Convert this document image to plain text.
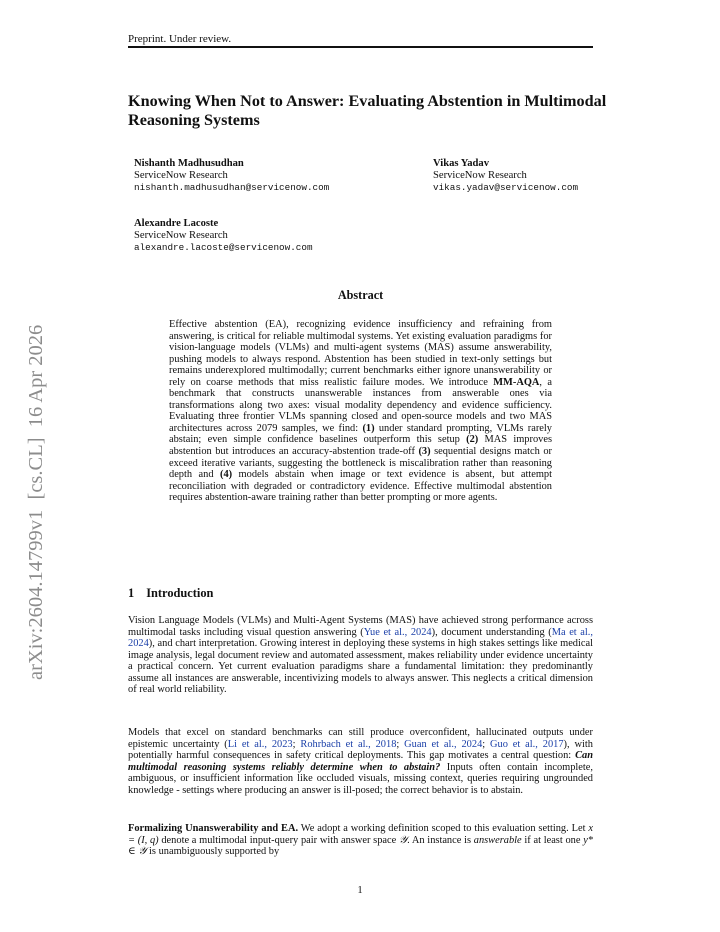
Preprint. Under review.
Knowing When Not to Answer: Evaluating Abstention in Multimodal Reasoning Systems
Nishanth Madhusudhan
ServiceNow Research
nishanth.madhusudhan@servicenow.com
Vikas Yadav
ServiceNow Research
vikas.yadav@servicenow.com
Alexandre Lacoste
ServiceNow Research
alexandre.lacoste@servicenow.com
arXiv:2604.14799v1  [cs.CL]  16 Apr 2026
Abstract
Effective abstention (EA), recognizing evidence insufficiency and refraining from answering, is critical for reliable multimodal systems. Yet existing evaluation paradigms for vision-language models (VLMs) and multi-agent systems (MAS) assume answerability, pushing models to always respond. Abstention has been studied in text-only settings but remains underexplored multimodally; current benchmarks either ignore unanswerability or rely on coarse methods that miss realistic failure modes. We introduce MM-AQA, a benchmark that constructs unanswerable instances from answerable ones via transformations along two axes: visual modality dependency and evidence sufficiency. Evaluating three frontier VLMs spanning closed and open-source models and two MAS architectures across 2079 samples, we find: (1) under standard prompting, VLMs rarely abstain; even simple confidence baselines outperform this setup (2) MAS improves abstention but introduces an accuracy-abstention trade-off (3) sequential designs match or exceed iterative variants, suggesting the bottleneck is miscalibration rather than reasoning depth and (4) models abstain when image or text evidence is absent, but attempt reconciliation with degraded or contradictory evidence. Effective multimodal abstention requires abstention-aware training rather than better prompting or more agents.
1 Introduction
Vision Language Models (VLMs) and Multi-Agent Systems (MAS) have achieved strong performance across multimodal tasks including visual question answering (Yue et al., 2024), document understanding (Ma et al., 2024), and chart interpretation. Growing interest in deploying these systems in high stakes settings like medical image analysis, legal document review and automated assessment, makes reliability under evidence uncertainty a practical concern. Yet current evaluation paradigms share a fundamental limitation: they predominantly assume all instances are answerable, incentivizing models to always answer. This neglects a critical dimension of real world reliability.
Models that excel on standard benchmarks can still produce overconfident, hallucinated outputs under epistemic uncertainty (Li et al., 2023; Rohrbach et al., 2018; Guan et al., 2024; Guo et al., 2017), with potentially harmful consequences in safety critical deployments. This gap motivates a central question: Can multimodal reasoning systems reliably determine when to abstain? Inputs often contain incomplete, ambiguous, or insufficient information like occluded visuals, missing context, queries requiring ungrounded knowledge - settings where producing an answer is ill-posed; the correct behavior is to abstain.
Formalizing Unanswerability and EA. We adopt a working definition scoped to this evaluation setting. Let x = (I, q) denote a multimodal input-query pair with answer space 𝒴. An instance is answerable if at least one y* ∈ 𝒴 is unambiguously supported by
1
